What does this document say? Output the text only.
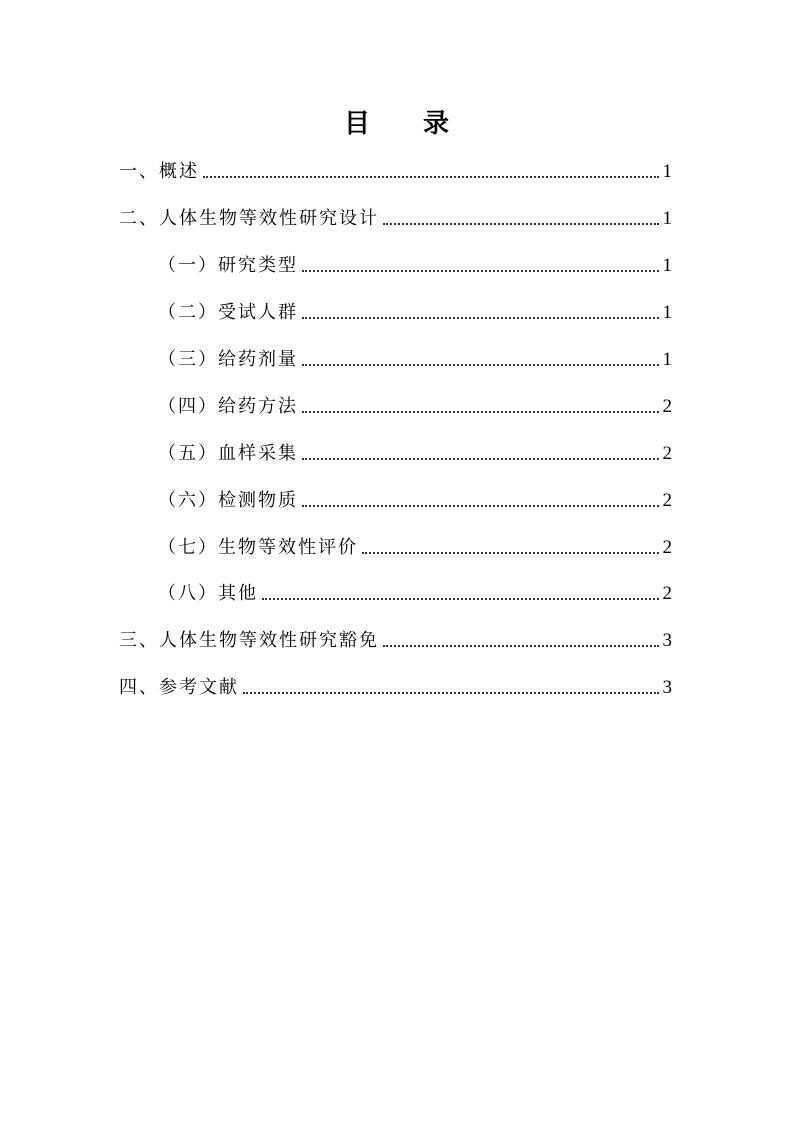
目 录
一、概述	1
二、人体生物等效性研究设计	1
（一）研究类型	1
（二）受试人群	1
（三）给药剂量	1
（四）给药方法	2
（五）血样采集	2
（六）检测物质	2
（七）生物等效性评价	2
（八）其他	2
三、人体生物等效性研究豁免	3
四、参考文献	3
